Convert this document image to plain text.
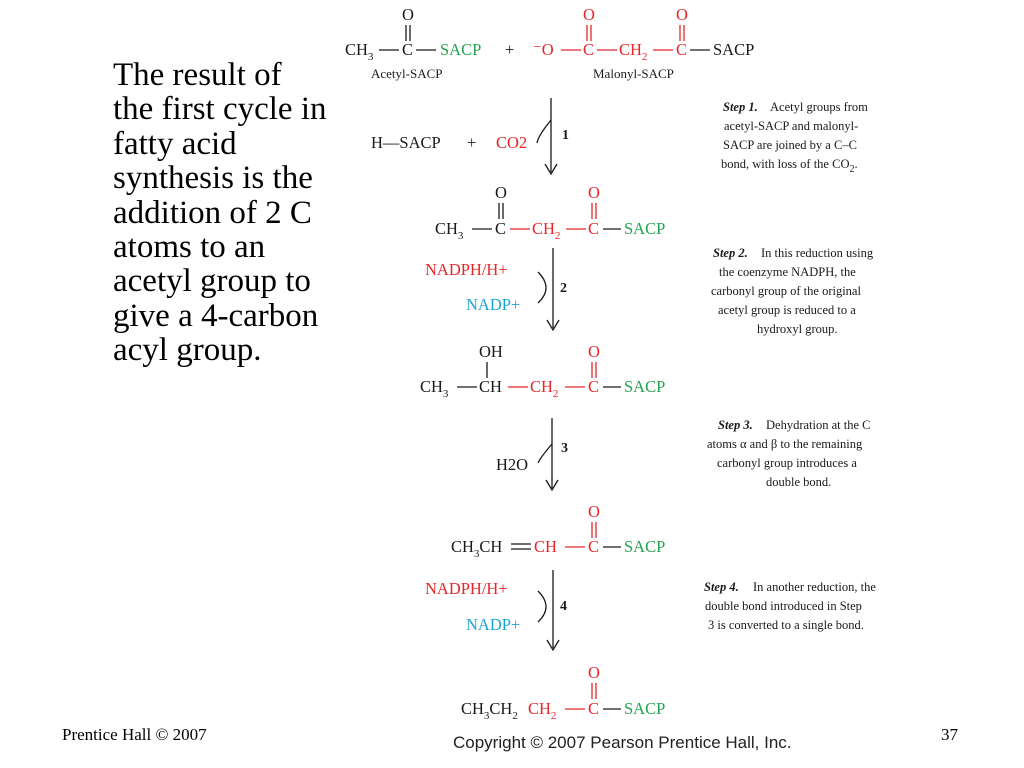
The result of the first cycle in fatty acid synthesis is the addition of 2 C atoms to an acetyl group to give a 4-carbon acyl group.
O
$CH_3$ C SACP
Acetyl-SACP
+ ⁻O
O
C $CH_2$
O
C SACP
Malonyl-SACP
1
H—SACP + CO2
Step 1. Acetyl groups from
acetyl-SACP and malonyl-
SACP are joined by a C–C
bond, with loss of the $CO_2$.
O
$CH_3$ C $CH_2$
O
C SACP
2
NADPH/H+
NADP+
Step 2. In this reduction using
the coenzyme NADPH, the
carbonyl group of the original
acetyl group is reduced to a
hydroxyl group.
OH
$CH_3$ CH $CH_2$
O
C SACP
3
H2O
Step 3. Dehydration at the C
atoms α and β to the remaining
carbonyl group introduces a
double bond.
$CH_3CH$ CH
O
C SACP
4
NADPH/H+
NADP+
Step 4. In another reduction, the
double bond introduced in Step
3 is converted to a single bond.
$CH_3CH_2$ $CH_2$
O
C SACP
Prentice Hall © 2007	Copyright © 2007 Pearson Prentice Hall, Inc.	37
